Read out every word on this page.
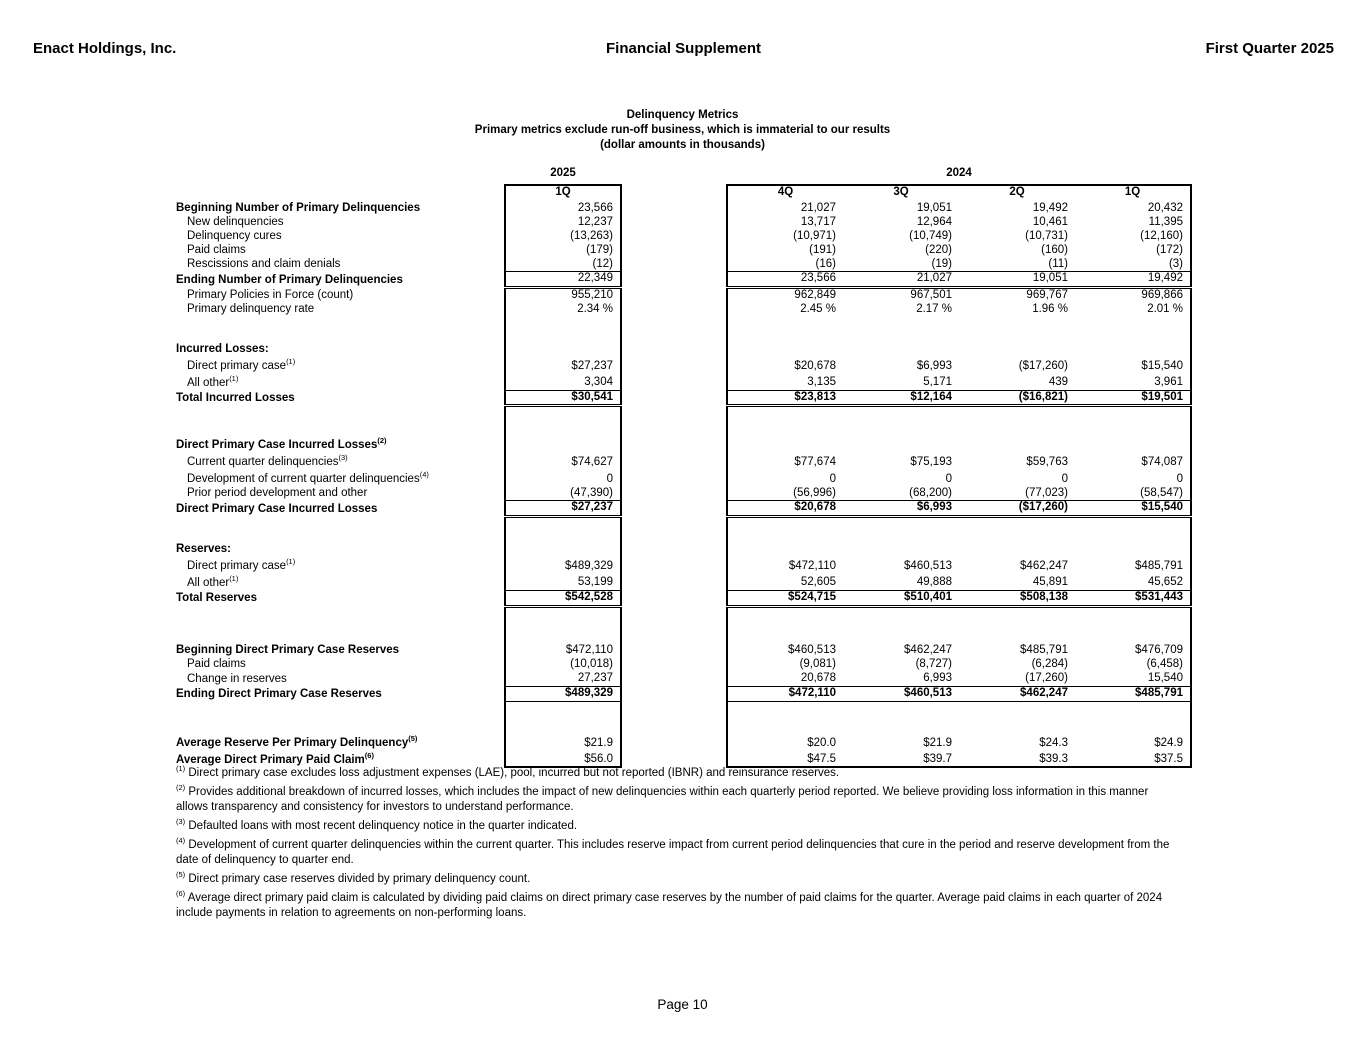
Enact Holdings, Inc.	Financial Supplement	First Quarter 2025
Delinquency Metrics
Primary metrics exclude run-off business, which is immaterial to our results
(dollar amounts in thousands)
	2025		2024			
	1Q		4Q	3Q	2Q	1Q
Beginning Number of Primary Delinquencies	23,566		21,027	19,051	19,492	20,432
New delinquencies	12,237		13,717	12,964	10,461	11,395
Delinquency cures	(13,263)		(10,971)	(10,749)	(10,731)	(12,160)
Paid claims	(179)		(191)	(220)	(160)	(172)
Rescissions and claim denials	(12)		(16)	(19)	(11)	(3)
Ending Number of Primary Delinquencies	22,349		23,566	21,027	19,051	19,492
Primary Policies in Force (count)	955,210		962,849	967,501	969,767	969,866
Primary delinquency rate	2.34 %		2.45 %	2.17 %	1.96 %	2.01 %

Incurred Losses:						
Direct primary case$^{(1)}$	$27,237		$20,678	$6,993	($17,260)	$15,540
All other$^{(1)}$	3,304		3,135	5,171	439	3,961
Total Incurred Losses	$30,541		$23,813	$12,164	($16,821)	$19,501

Direct Primary Case Incurred Losses$^{(2)}$						
Current quarter delinquencies$^{(3)}$	$74,627		$77,674	$75,193	$59,763	$74,087
Development of current quarter delinquencies$^{(4)}$	0		0	0	0	0
Prior period development and other	(47,390)		(56,996)	(68,200)	(77,023)	(58,547)
Direct Primary Case Incurred Losses	$27,237		$20,678	$6,993	($17,260)	$15,540

Reserves:						
Direct primary case$^{(1)}$	$489,329		$472,110	$460,513	$462,247	$485,791
All other$^{(1)}$	53,199		52,605	49,888	45,891	45,652
Total Reserves	$542,528		$524,715	$510,401	$508,138	$531,443

Beginning Direct Primary Case Reserves	$472,110		$460,513	$462,247	$485,791	$476,709
Paid claims	(10,018)		(9,081)	(8,727)	(6,284)	(6,458)
Change in reserves	27,237		20,678	6,993	(17,260)	15,540
Ending Direct Primary Case Reserves	$489,329		$472,110	$460,513	$462,247	$485,791

Average Reserve Per Primary Delinquency$^{(5)}$	$21.9		$20.0	$21.9	$24.3	$24.9
Average Direct Primary Paid Claim$^{(6)}$	$56.0		$47.5	$39.7	$39.3	$37.5

$^{(1)}$ Direct primary case excludes loss adjustment expenses (LAE), pool, incurred but not reported (IBNR) and reinsurance reserves.

$^{(2)}$ Provides additional breakdown of incurred losses, which includes the impact of new delinquencies within each quarterly period reported. We believe providing loss information in this manner allows transparency and consistency for investors to understand performance.

$^{(3)}$ Defaulted loans with most recent delinquency notice in the quarter indicated.

$^{(4)}$ Development of current quarter delinquencies within the current quarter. This includes reserve impact from current period delinquencies that cure in the period and reserve development from the date of delinquency to quarter end.

$^{(5)}$ Direct primary case reserves divided by primary delinquency count.

$^{(6)}$ Average direct primary paid claim is calculated by dividing paid claims on direct primary case reserves by the number of paid claims for the quarter. Average paid claims in each quarter of 2024 include payments in relation to agreements on non-performing loans.

Page 10
